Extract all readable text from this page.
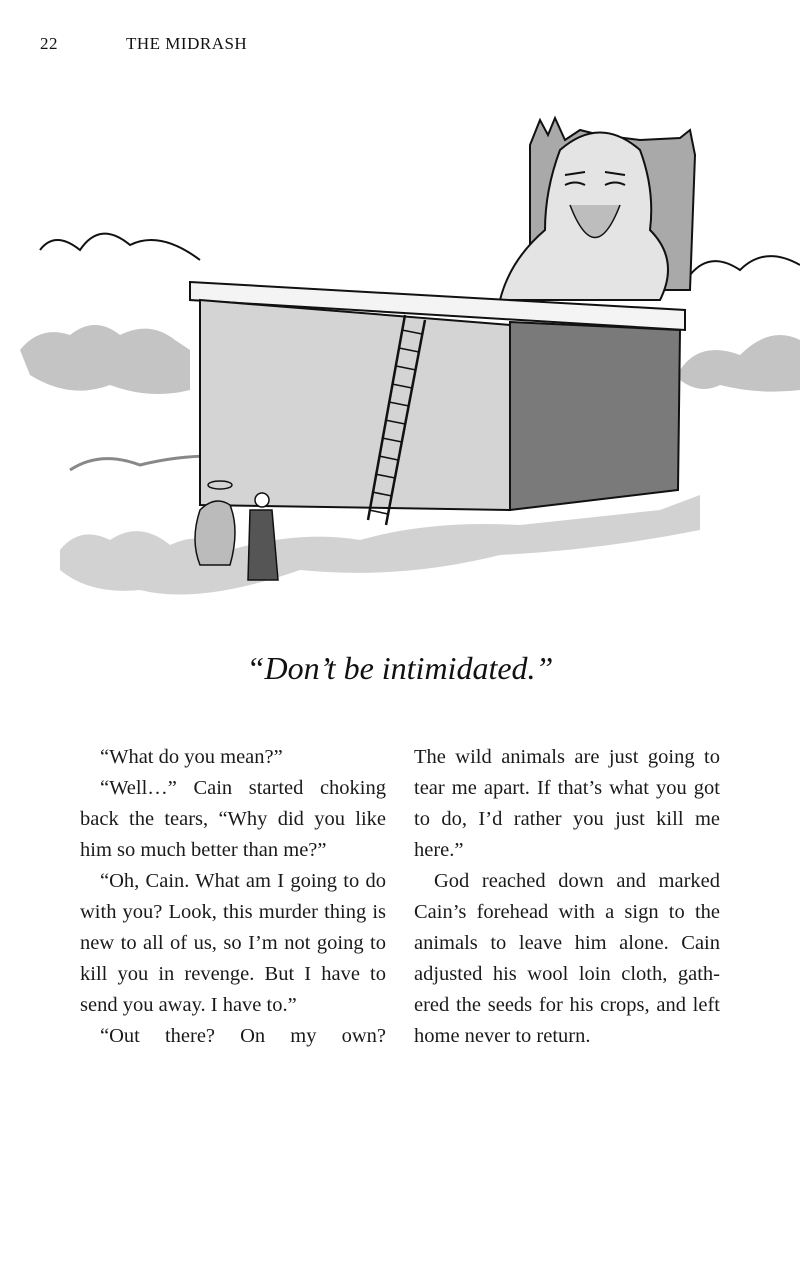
22	THE MIDRASH
“Don’t be intimidated.”

“What do you mean?”

“Well…” Cain started choking back the tears, “Why did you like him so much better than me?”

“Oh, Cain. What am I going to do with you? Look, this murder thing is new to all of us, so I’m not going to kill you in revenge. But I have to send you away. I have to.”

“Out there? On my own?

The wild animals are just going to tear me apart. If that’s what you got to do, I’d rather you just kill me here.”

God reached down and marked Cain’s forehead with a sign to the animals to leave him alone. Cain adjusted his wool loin cloth, gath-ered the seeds for his crops, and left home never to return.
